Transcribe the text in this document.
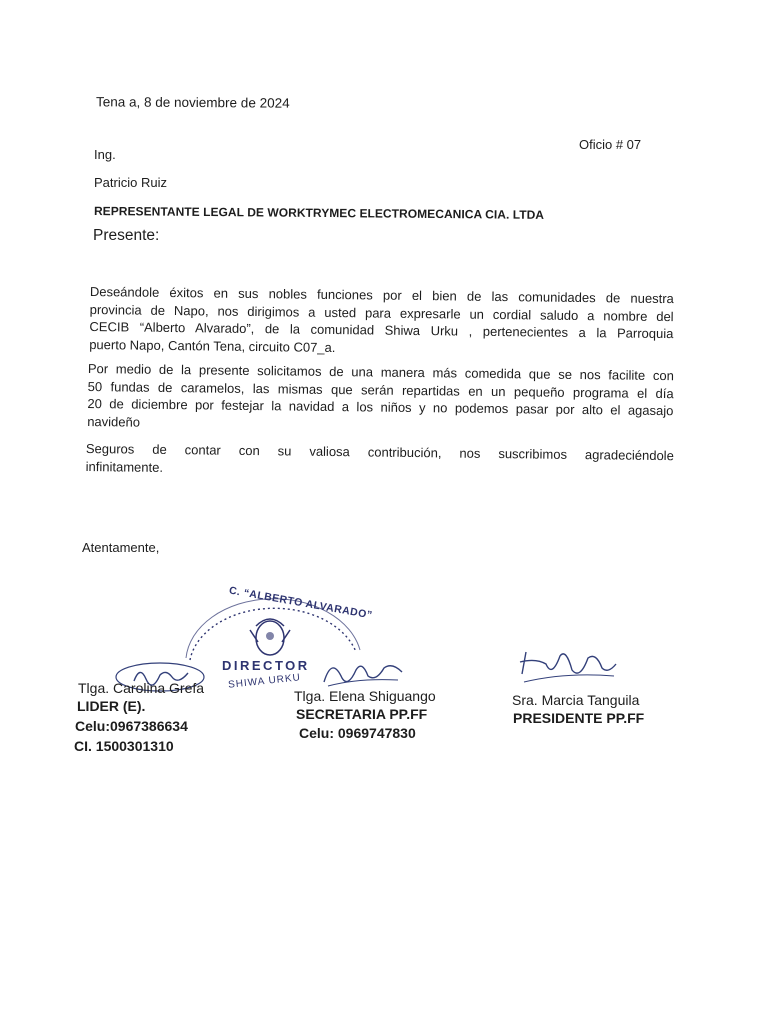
Tena a, 8 de noviembre de 2024
Oficio # 07
Ing.
Patricio Ruiz
REPRESENTANTE LEGAL DE WORKTRYMEC ELECTROMECANICA CIA. LTDA
Presente:
Deseándole éxitos en sus nobles funciones por el bien de las comunidades de nuestra
provincia de Napo, nos dirigimos a usted para expresarle un cordial saludo a nombre del
CECIB “Alberto Alvarado”, de la comunidad Shiwa Urku , pertenecientes a la Parroquia
puerto Napo, Cantón Tena, circuito C07_a.
Por medio de la presente solicitamos de una manera más comedida que se nos facilite con
50 fundas de caramelos, las mismas que serán repartidas en un pequeño programa el día
20 de diciembre por festejar la navidad a los niños y no podemos pasar por alto el agasajo
navideño
Seguros de contar con su valiosa contribución, nos suscribimos agradeciéndole
infinitamente.
Atentamente,
C. “ALBERTO ALVARADO”
DIRECTOR
SHIWA URKU
Tlga. Carolina Grefa
LIDER (E).
Celu:0967386634
CI. 1500301310
Tlga. Elena Shiguango
SECRETARIA PP.FF
Celu: 0969747830
Sra. Marcia Tanguila
PRESIDENTE PP.FF
